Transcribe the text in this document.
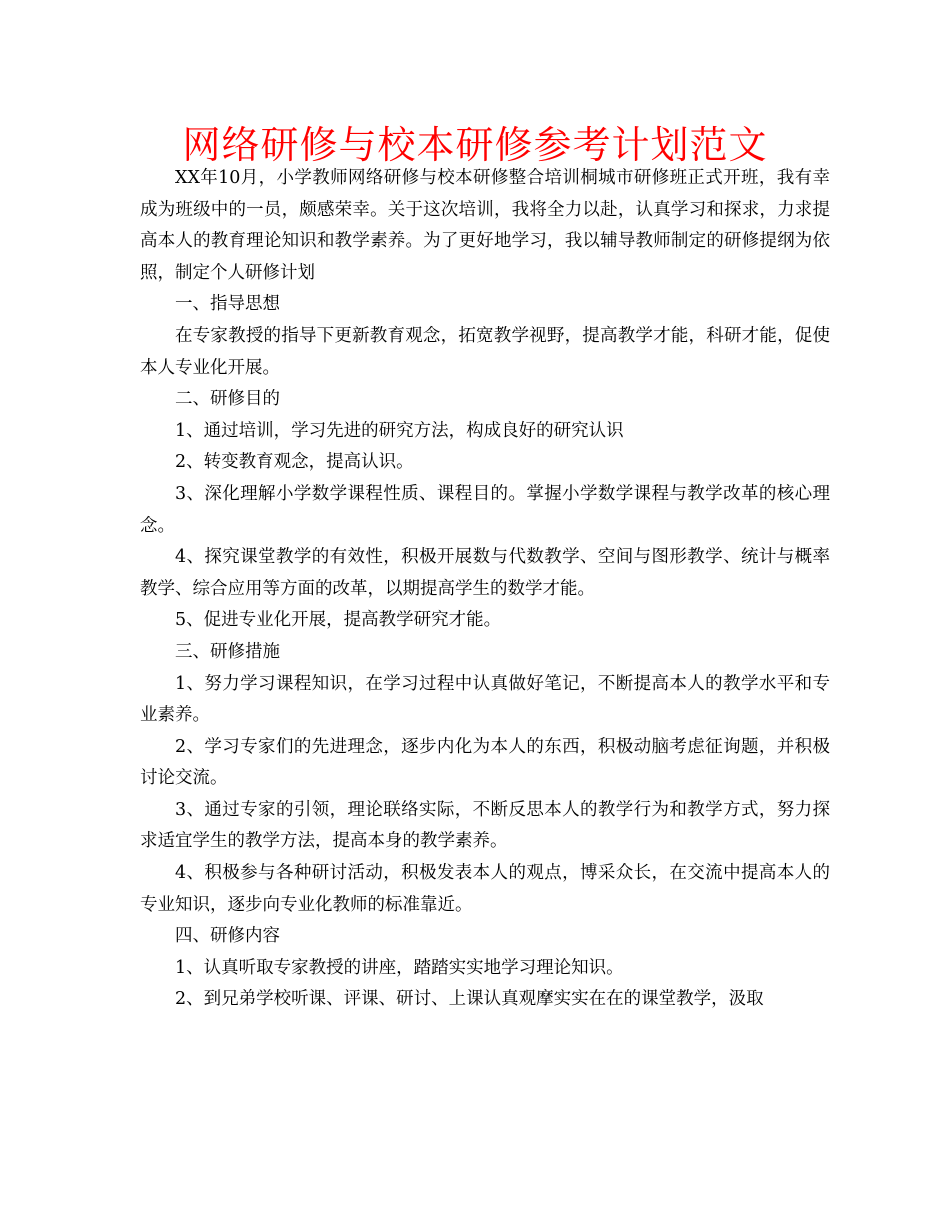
网络研修与校本研修参考计划范文

XX年10月，小学教师网络研修与校本研修整合培训桐城市研修班正式开班，我有幸成为班级中的一员，颇感荣幸。关于这次培训，我将全力以赴，认真学习和探求，力求提高本人的教育理论知识和教学素养。为了更好地学习，我以辅导教师制定的研修提纲为依照，制定个人研修计划

一、指导思想

在专家教授的指导下更新教育观念，拓宽教学视野，提高教学才能，科研才能，促使本人专业化开展。

二、研修目的

1、通过培训，学习先进的研究方法，构成良好的研究认识

2、转变教育观念，提高认识。

3、深化理解小学数学课程性质、课程目的。掌握小学数学课程与教学改革的核心理念。

4、探究课堂教学的有效性，积极开展数与代数教学、空间与图形教学、统计与概率教学、综合应用等方面的改革，以期提高学生的数学才能。

5、促进专业化开展，提高教学研究才能。

三、研修措施

1、努力学习课程知识，在学习过程中认真做好笔记，不断提高本人的教学水平和专业素养。

2、学习专家们的先进理念，逐步内化为本人的东西，积极动脑考虑征询题，并积极讨论交流。

3、通过专家的引领，理论联络实际，不断反思本人的教学行为和教学方式，努力探求适宜学生的教学方法，提高本身的教学素养。

4、积极参与各种研讨活动，积极发表本人的观点，博采众长，在交流中提高本人的专业知识，逐步向专业化教师的标准靠近。

四、研修内容

1、认真听取专家教授的讲座，踏踏实实地学习理论知识。

2、到兄弟学校听课、评课、研讨、上课认真观摩实实在在的课堂教学，汲取
